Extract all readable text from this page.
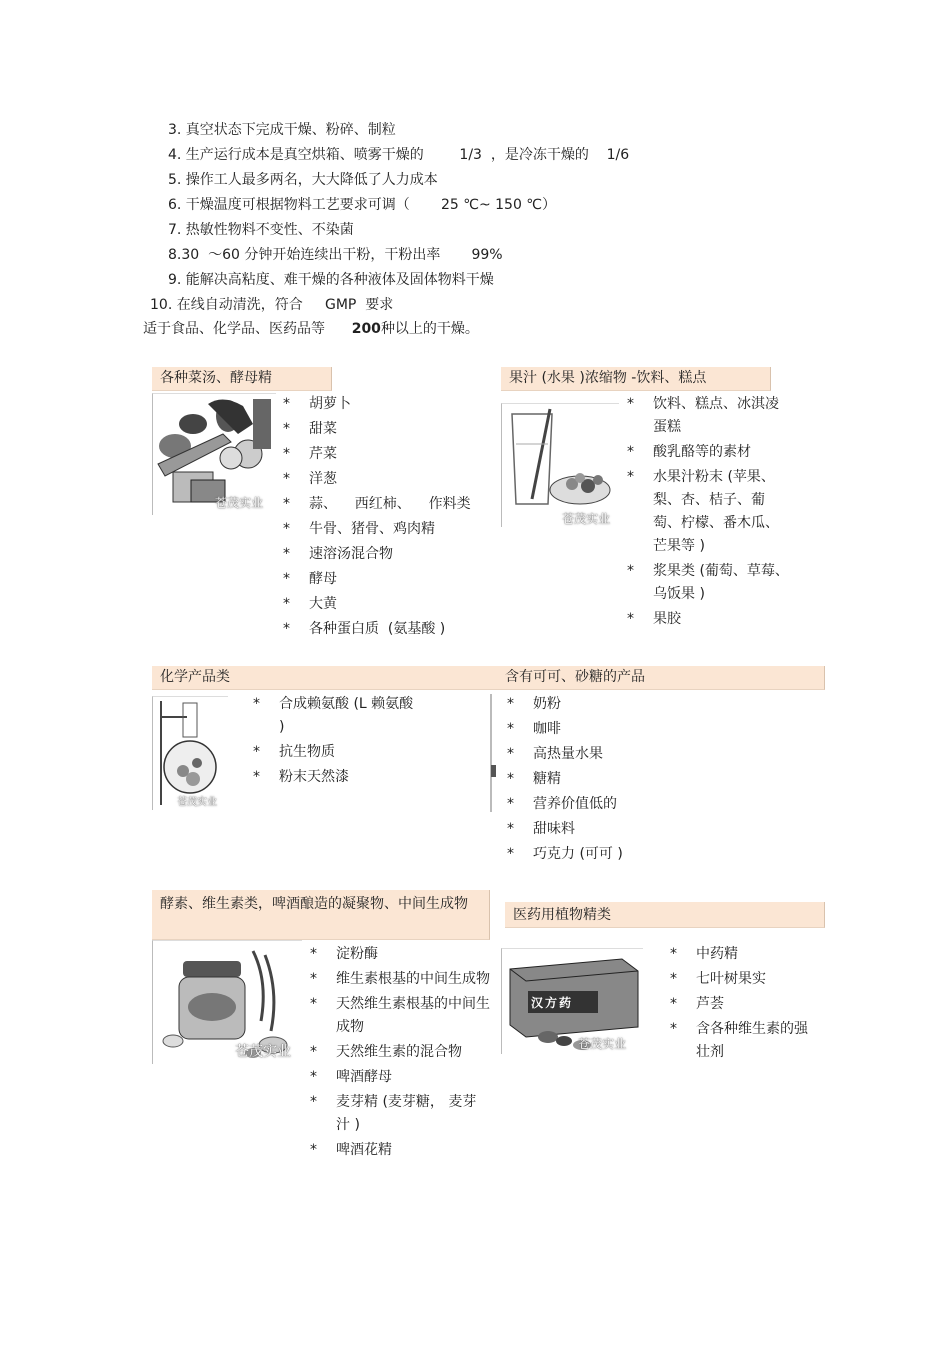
3. 真空状态下完成干燥、粉碎、制粒
4. 生产运行成本是真空烘箱、喷雾干燥的        1/3  ，是冷冻干燥的    1/6
5. 操作工人最多两名，大大降低了人力成本
6. 干燥温度可根据物料工艺要求可调（       25 ℃~ 150 ℃）
7. 热敏性物料不变性、不染菌
8.30  ～60 分钟开始连续出干粉，干粉出率       99%
9. 能解决高粘度、难干燥的各种液体及固体物料干燥
10. 在线自动清洗，符合     GMP  要求
适于食品、化学品、医药品等      200种以上的干燥。
各种菜汤、酵母精
苍茂实业
* 胡萝卜
* 甜菜
* 芹菜
* 洋葱
* 蒜、    西红柿、    作料类
* 牛骨、猪骨、鸡肉精
* 速溶汤混合物
* 酵母
* 大黄
* 各种蛋白质  (氨基酸 )
果汁 (水果 )浓缩物 -饮料、糕点
苍茂实业
* 饮料、糕点、冰淇凌蛋糕
* 酸乳酪等的素材
* 水果汁粉末 (苹果、梨、杏、桔子、葡萄、柠檬、番木瓜、芒果等 )
* 浆果类 (葡萄、草莓、乌饭果 )
* 果胶
化学产品类
苍茂实业
* 合成赖氨酸 (L 赖氨酸 )
* 抗生物质
* 粉末天然漆
含有可可、砂糖的产品
* 奶粉
* 咖啡
* 高热量水果
* 糖精
* 营养价值低的
* 甜味料
* 巧克力 (可可 )
酵素、维生素类，啤酒酿造的凝聚物、中间生成物
苍茂实业
* 淀粉酶
* 维生素根基的中间生成物
* 天然维生素根基的中间生成物
* 天然维生素的混合物
* 啤酒酵母
* 麦芽精 (麦芽糖， 麦芽汁 )
* 啤酒花精
医药用植物精类
汉方药
苍茂实业
* 中药精
* 七叶树果实
* 芦荟
* 含各种维生素的强壮剂
